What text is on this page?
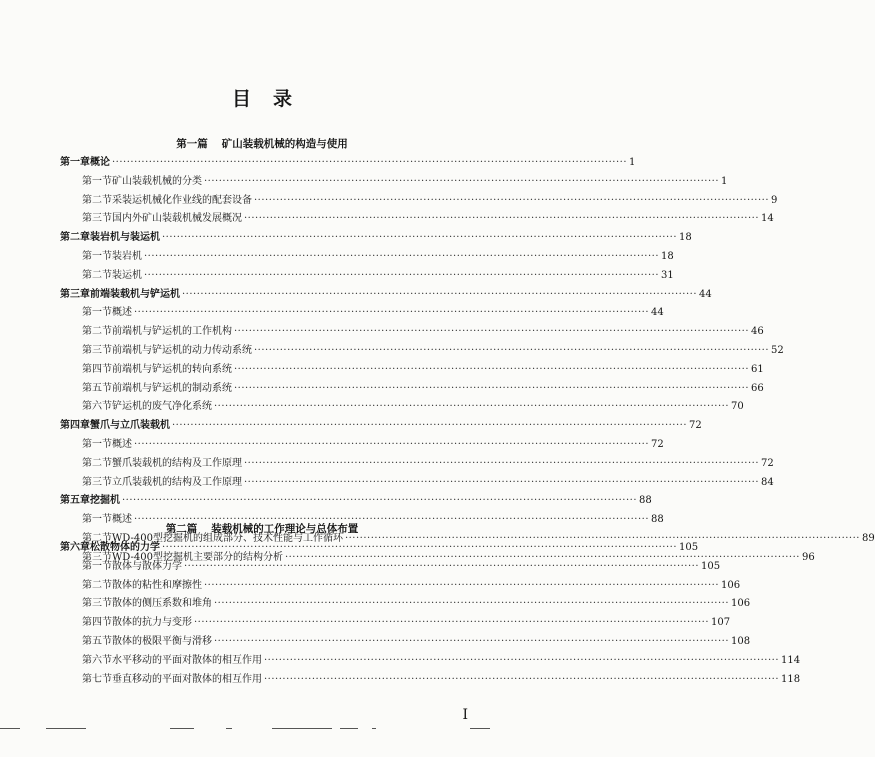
目录
第一篇 矿山装载机械的构造与使用
第一章 概论 ············································································································································ 1
第一节 矿山装载机械的分类 ············································································································································ 1
第二节 采装运机械化作业线的配套设备 ············································································································································ 9
第三节 国内外矿山装载机械发展概况 ············································································································································ 14
第二章 装岩机与装运机 ············································································································································ 18
第一节 装岩机 ············································································································································ 18
第二节 装运机 ············································································································································ 31
第三章 前端装载机与铲运机 ············································································································································ 44
第一节 概述 ············································································································································ 44
第二节 前端机与铲运机的工作机构 ············································································································································ 46
第三节 前端机与铲运机的动力传动系统 ············································································································································ 52
第四节 前端机与铲运机的转向系统 ············································································································································ 61
第五节 前端机与铲运机的制动系统 ············································································································································ 66
第六节 铲运机的废气净化系统 ············································································································································ 70
第四章 蟹爪与立爪装载机 ············································································································································ 72
第一节 概述 ············································································································································ 72
第二节 蟹爪装载机的结构及工作原理 ············································································································································ 72
第三节 立爪装载机的结构及工作原理 ············································································································································ 84
第五章 挖掘机 ············································································································································ 88
第一节 概述 ············································································································································ 88
第二节 WD-400型挖掘机的组成部分、技术性能与工作循环 ············································································································································ 89
第三节 WD-400型挖掘机主要部分的结构分析 ············································································································································ 96
第二篇 装载机械的工作理论与总体布置
第六章 松散物体的力学 ············································································································································ 105
第一节 散体与散体力学 ············································································································································ 105
第二节 散体的粘性和摩擦性 ············································································································································ 106
第三节 散体的侧压系数和堆角 ············································································································································ 106
第四节 散体的抗力与变形 ············································································································································ 107
第五节 散体的极限平衡与滑移 ············································································································································ 108
第六节 水平移动的平面对散体的相互作用 ············································································································································ 114
第七节 垂直移动的平面对散体的相互作用 ············································································································································ 118
I
